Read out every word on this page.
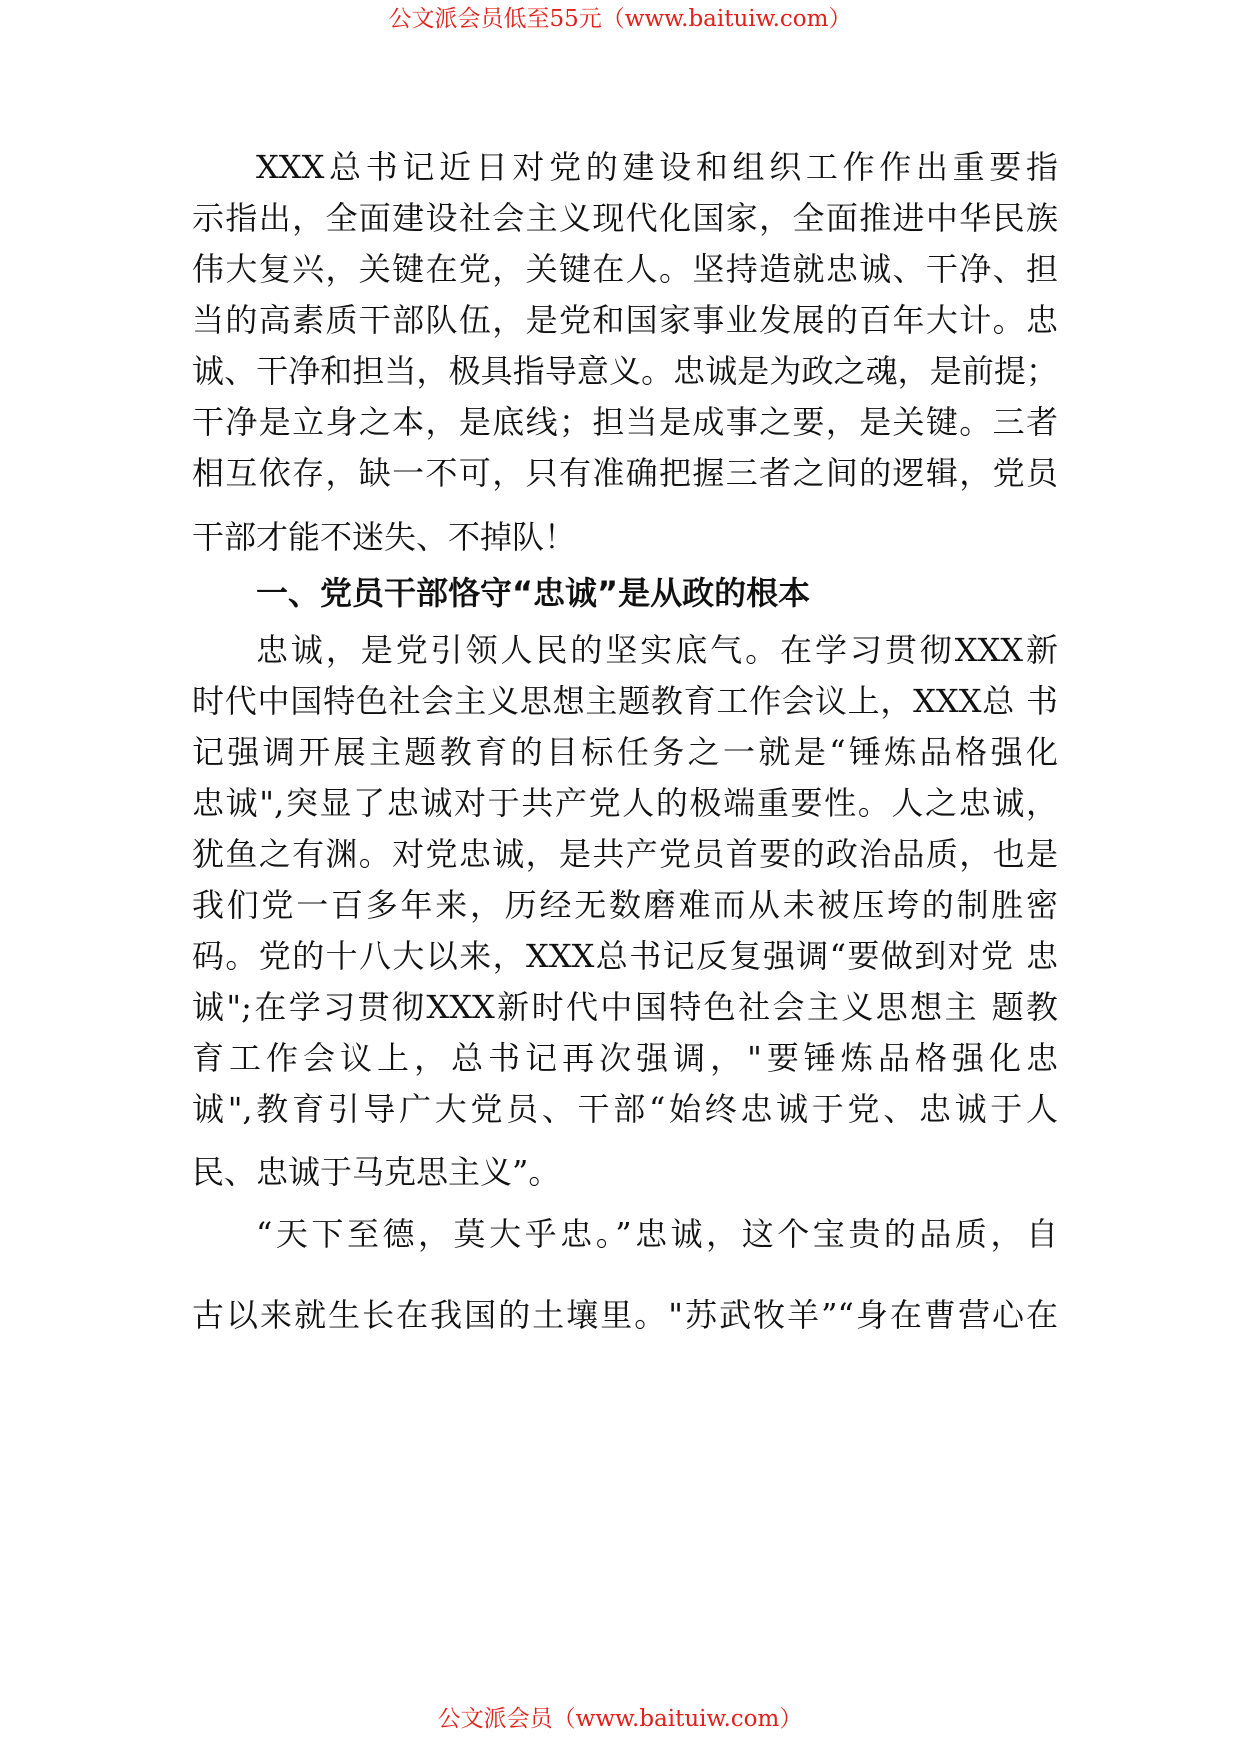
公文派会员低至55元（www.baituiw.com）
XXX总书记近日对党的建设和组织工作作出重要指
示指出，全面建设社会主义现代化国家，全面推进中华民族
伟大复兴，关键在党，关键在人。坚持造就忠诚、干净、担
当的高素质干部队伍，是党和国家事业发展的百年大计。忠
诚、干净和担当，极具指导意义。忠诚是为政之魂，是前提；
干净是立身之本，是底线；担当是成事之要，是关键。三者
相互依存，缺一不可，只有准确把握三者之间的逻辑，党员
干部才能不迷失、不掉队！
一、党员干部恪守“忠诚”是从政的根本
忠诚，是党引领人民的坚实底气。在学习贯彻XXX新
时代中国特色社会主义思想主题教育工作会议上，XXX总 书
记强调开展主题教育的目标任务之一就是“锤炼品格强化
忠诚",突显了忠诚对于共产党人的极端重要性。人之忠诚，
犹鱼之有渊。对党忠诚，是共产党员首要的政治品质，也是
我们党一百多年来，历经无数磨难而从未被压垮的制胜密
码。党的十八大以来，XXX总书记反复强调“要做到对党 忠
诚";在学习贯彻XXX新时代中国特色社会主义思想主 题教
育工作会议上，总书记再次强调，"要锤炼品格强化忠
诚",教育引导广大党员、干部“始终忠诚于党、忠诚于人
民、忠诚于马克思主义”。
“天下至德，莫大乎忠。”忠诚，这个宝贵的品质，自
古以来就生长在我国的土壤里。"苏武牧羊”“身在曹营心在
公文派会员（www.baituiw.com）
